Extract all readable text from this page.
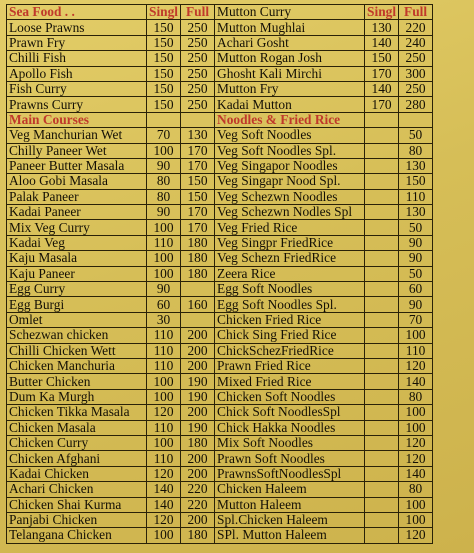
Sea Food . .	Singl	Full	Mutton Curry	Singl	Full
Loose Prawns	150	250	Mutton Mughlai	130	220
Prawn Fry	150	250	Achari Gosht	140	240
Chilli Fish	150	250	Mutton Rogan Josh	150	250
Apollo Fish	150	250	Ghosht Kali Mirchi	170	300
Fish Curry	150	250	Mutton Fry	140	250
Prawns Curry	150	250	Kadai Mutton	170	280
Main Courses			Noodles & Fried Rice		
Veg Manchurian Wet	70	130	Veg Soft Noodles		50
Chilly Paneer Wet	100	170	Veg Soft Noodles Spl.		80
Paneer Butter Masala	90	170	Veg Singapor Noodles		130
Aloo Gobi Masala	80	150	Veg Singapr Nood Spl.		150
Palak Paneer	80	150	Veg Schezwn Noodles		110
Kadai Paneer	90	170	Veg Schezwn Nodles Spl		130
Mix Veg Curry	100	170	Veg Fried Rice		50
Kadai Veg	110	180	Veg Singpr FriedRice		90
Kaju Masala	100	180	Veg Schezn FriedRice		90
Kaju Paneer	100	180	Zeera Rice		50
Egg Curry	90		Egg Soft Noodles		60
Egg Burgi	60	160	Egg Soft Noodles Spl.		90
Omlet	30		Chicken Fried Rice		70
Schezwan chicken	110	200	Chick Sing Fried Rice		100
Chilli Chicken Wett	110	200	ChickSchezFriedRice		110
Chicken Manchuria	110	200	Prawn Fried Rice		120
Butter Chicken	100	190	Mixed Fried Rice		140
Dum Ka Murgh	100	190	Chicken Soft Noodles		80
Chicken Tikka Masala	120	200	Chick Soft NoodlesSpl		100
Chicken Masala	110	190	Chick Hakka Noodles		100
Chicken Curry	100	180	Mix Soft Noodles		120
Chicken Afghani	110	200	Prawn Soft Noodles		120
Kadai Chicken	120	200	PrawnsSoftNoodlesSpl		140
Achari Chicken	140	220	Chicken Haleem		80
Chicken Shai Kurma	140	220	Mutton Haleem		100
Panjabi Chicken	120	200	Spl.Chicken Haleem		100
Telangana Chicken	100	180	SPl. Mutton Haleem		120
